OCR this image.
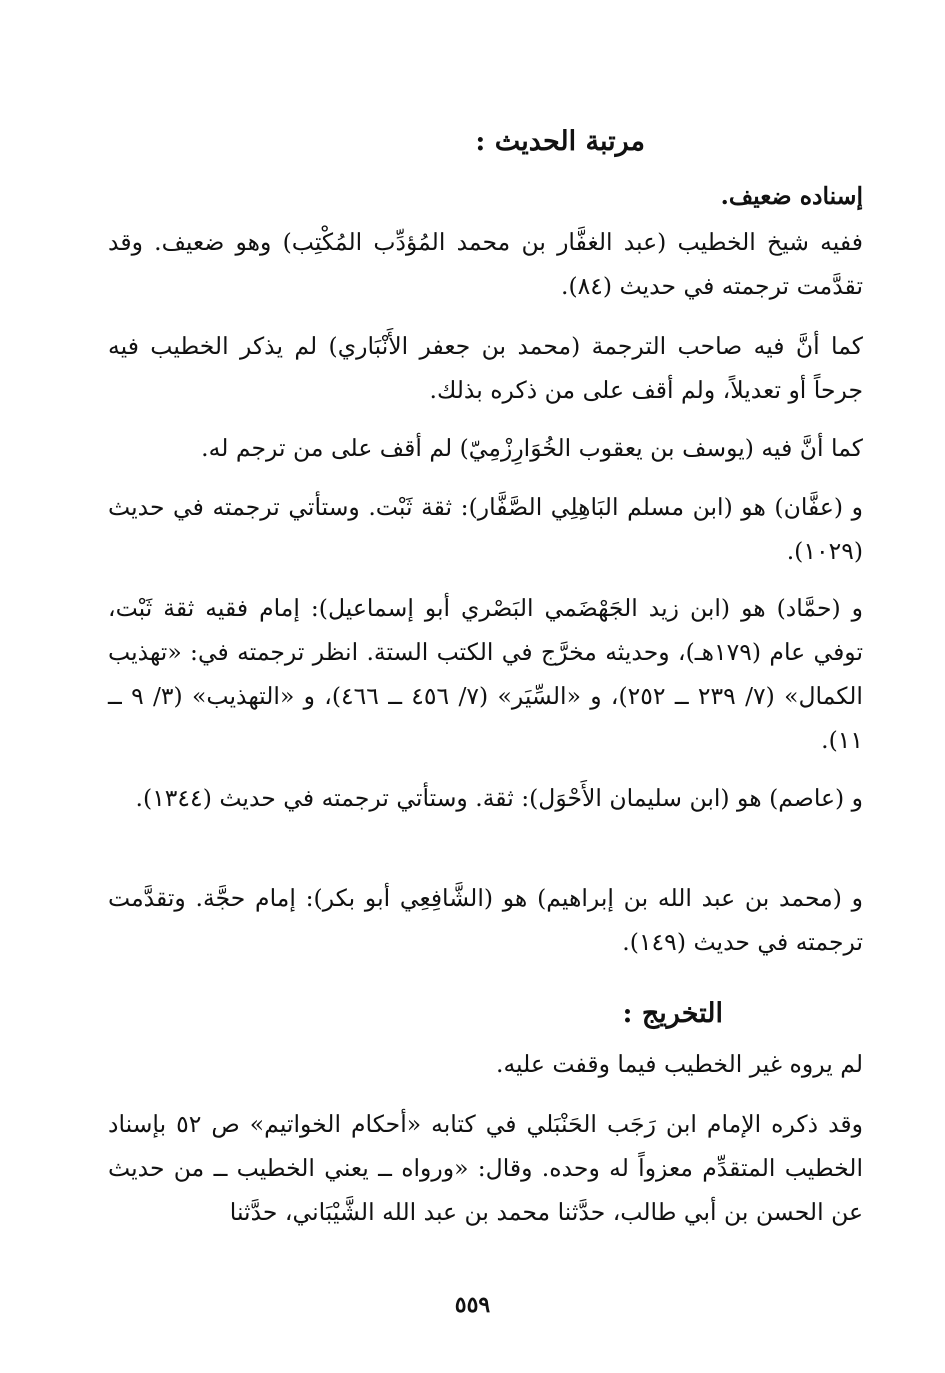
مرتبة الحديث :
إسناده ضعيف.
ففيه شيخ الخطيب (عبد الغفَّار بن محمد المُؤدِّب المُكْتِب) وهو ضعيف. وقد تقدَّمت ترجمته في حديث (٨٤).
كما أنَّ فيه صاحب الترجمة (محمد بن جعفر الأَنْبَاري) لم يذكر الخطيب فيه جرحاً أو تعديلاً، ولم أقف على من ذكره بذلك.
كما أنَّ فيه (يوسف بن يعقوب الخُوَارِزْمِيّ) لم أقف على من ترجم له.
و (عفَّان) هو (ابن مسلم البَاهِلِي الصَّفَّار): ثقة ثَبْت. وستأتي ترجمته في حديث (١٠٢٩).
و (حمَّاد) هو (ابن زيد الجَهْضَمي البَصْري أبو إسماعيل): إمام فقيه ثقة ثَبْت، توفي عام (١٧٩هـ)، وحديثه مخرَّج في الكتب الستة. انظر ترجمته في: «تهذيب الكمال» (٧/ ٢٣٩ ــ ٢٥٢)، و «السِّيَر» (٧/ ٤٥٦ ــ ٤٦٦)، و «التهذيب» (٣/ ٩ ــ ١١).
و (عاصم) هو (ابن سليمان الأَحْوَل): ثقة. وستأتي ترجمته في حديث (١٣٤٤).
و (محمد بن عبد الله بن إبراهيم) هو (الشَّافِعِي أبو بكر): إمام حجَّة. وتقدَّمت ترجمته في حديث (١٤٩).
التخريج :
لم يروه غير الخطيب فيما وقفت عليه.
وقد ذكره الإمام ابن رَجَب الحَنْبَلي في كتابه «أحكام الخواتيم» ص ٥٢ بإسناد الخطيب المتقدِّم معزواً له وحده. وقال: «ورواه ــ يعني الخطيب ــ من حديث عن الحسن بن أبي طالب، حدَّثنا محمد بن عبد الله الشَّيْبَاني، حدَّثنا
٥٥٩
